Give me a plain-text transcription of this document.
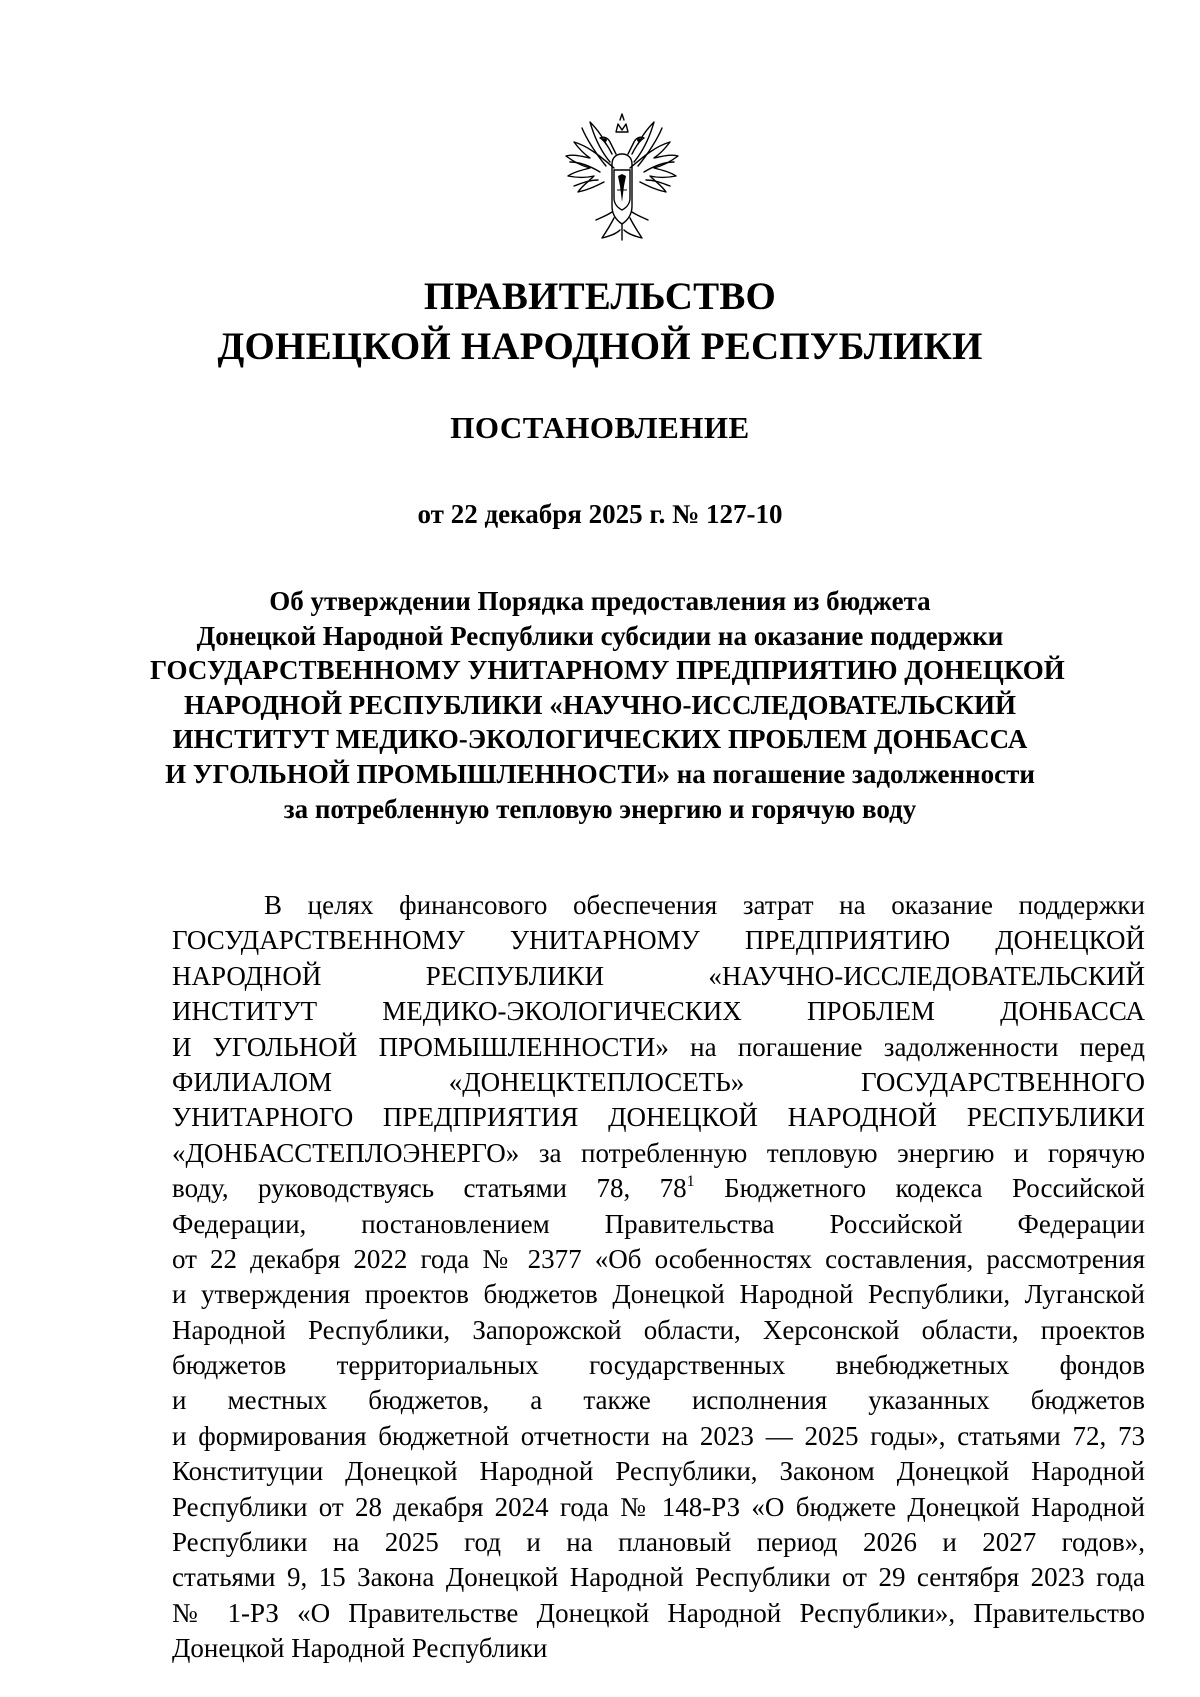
ПРАВИТЕЛЬСТВО
ДОНЕЦКОЙ НАРОДНОЙ РЕСПУБЛИКИ
ПОСТАНОВЛЕНИЕ
от 22 декабря 2025 г. № 127-10
Об утверждении Порядка предоставления из бюджета
Донецкой Народной Республики субсидии на оказание поддержки
ГОСУДАРСТВЕННОМУ УНИТАРНОМУ ПРЕДПРИЯТИЮ ДОНЕЦКОЙ
НАРОДНОЙ РЕСПУБЛИКИ «НАУЧНО-ИССЛЕДОВАТЕЛЬСКИЙ
ИНСТИТУТ МЕДИКО-ЭКОЛОГИЧЕСКИХ ПРОБЛЕМ ДОНБАССА
И УГОЛЬНОЙ ПРОМЫШЛЕННОСТИ» на погашение задолженности
за потребленную тепловую энергию и горячую воду
В целях финансового обеспечения затрат на оказание поддержки
ГОСУДАРСТВЕННОМУ УНИТАРНОМУ ПРЕДПРИЯТИЮ ДОНЕЦКОЙ
НАРОДНОЙ РЕСПУБЛИКИ «НАУЧНО-ИССЛЕДОВАТЕЛЬСКИЙ
ИНСТИТУТ МЕДИКО-ЭКОЛОГИЧЕСКИХ ПРОБЛЕМ ДОНБАССА
И УГОЛЬНОЙ ПРОМЫШЛЕННОСТИ» на погашение задолженности перед
ФИЛИАЛОМ «ДОНЕЦКТЕПЛОСЕТЬ» ГОСУДАРСТВЕННОГО
УНИТАРНОГО ПРЕДПРИЯТИЯ ДОНЕЦКОЙ НАРОДНОЙ РЕСПУБЛИКИ
«ДОНБАССТЕПЛОЭНЕРГО» за потребленную тепловую энергию и горячую
воду, руководствуясь статьями 78, $78^1$ Бюджетного кодекса Российской
Федерации, постановлением Правительства Российской Федерации
от 22 декабря 2022 года № 2377 «Об особенностях составления, рассмотрения
и утверждения проектов бюджетов Донецкой Народной Республики, Луганской
Народной Республики, Запорожской области, Херсонской области, проектов
бюджетов территориальных государственных внебюджетных фондов
и местных бюджетов, а также исполнения указанных бюджетов
и формирования бюджетной отчетности на 2023 — 2025 годы», статьями 72, 73
Конституции Донецкой Народной Республики, Законом Донецкой Народной
Республики от 28 декабря 2024 года № 148-РЗ «О бюджете Донецкой Народной
Республики на 2025 год и на плановый период 2026 и 2027 годов»,
статьями 9, 15 Закона Донецкой Народной Республики от 29 сентября 2023 года
№ 1-РЗ «О Правительстве Донецкой Народной Республики», Правительство
Донецкой Народной Республики
